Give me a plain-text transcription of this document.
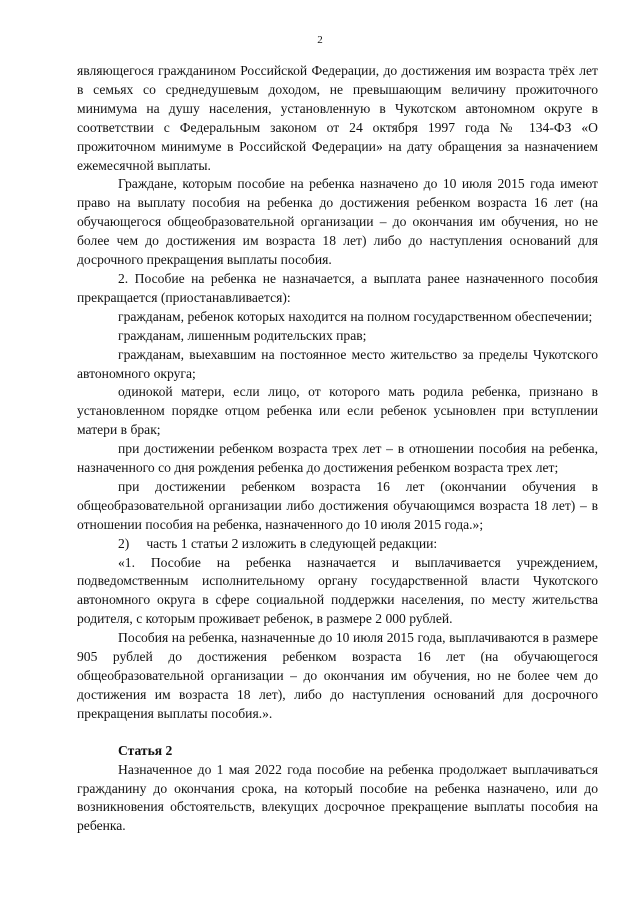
2

являющегося гражданином Российской Федерации, до достижения им возраста трёх лет в семьях со среднедушевым доходом, не превышающим величину прожиточного минимума на душу населения, установленную в Чукотском автономном округе в соответствии с Федеральным законом от 24 октября 1997 года № 134-ФЗ «О прожиточном минимуме в Российской Федерации» на дату обращения за назначением ежемесячной выплаты.

Граждане, которым пособие на ребенка назначено до 10 июля 2015 года имеют право на выплату пособия на ребенка до достижения ребенком возраста 16 лет (на обучающегося общеобразовательной организации – до окончания им обучения, но не более чем до достижения им возраста 18 лет) либо до наступления оснований для досрочного прекращения выплаты пособия.

2. Пособие на ребенка не назначается, а выплата ранее назначенного пособия прекращается (приостанавливается):

гражданам, ребенок которых находится на полном государственном обеспечении;

гражданам, лишенным родительских прав;

гражданам, выехавшим на постоянное место жительство за пределы Чукотского автономного округа;

одинокой матери, если лицо, от которого мать родила ребенка, признано в установленном порядке отцом ребенка или если ребенок усыновлен при вступлении матери в брак;

при достижении ребенком возраста трех лет – в отношении пособия на ребенка, назначенного со дня рождения ребенка до достижения ребенком возраста трех лет;

при достижении ребенком возраста 16 лет (окончании обучения в общеобразовательной организации либо достижения обучающимся возраста 18 лет) – в отношении пособия на ребенка, назначенного до 10 июля 2015 года.»;

2)     часть 1 статьи 2 изложить в следующей редакции:

«1. Пособие на ребенка назначается и выплачивается учреждением, подведомственным исполнительному органу государственной власти Чукотского автономного округа в сфере социальной поддержки населения, по месту жительства родителя, с которым проживает ребенок, в размере 2 000 рублей.

Пособия на ребенка, назначенные до 10 июля 2015 года, выплачиваются в размере 905 рублей до достижения ребенком возраста 16 лет (на обучающегося общеобразовательной организации – до окончания им обучения, но не более чем до достижения им возраста 18 лет), либо до наступления оснований для досрочного прекращения выплаты пособия.».

Статья 2

Назначенное до 1 мая 2022 года пособие на ребенка продолжает выплачиваться гражданину до окончания срока, на который пособие на ребенка назначено, или до возникновения обстоятельств, влекущих досрочное прекращение выплаты пособия на ребенка.
